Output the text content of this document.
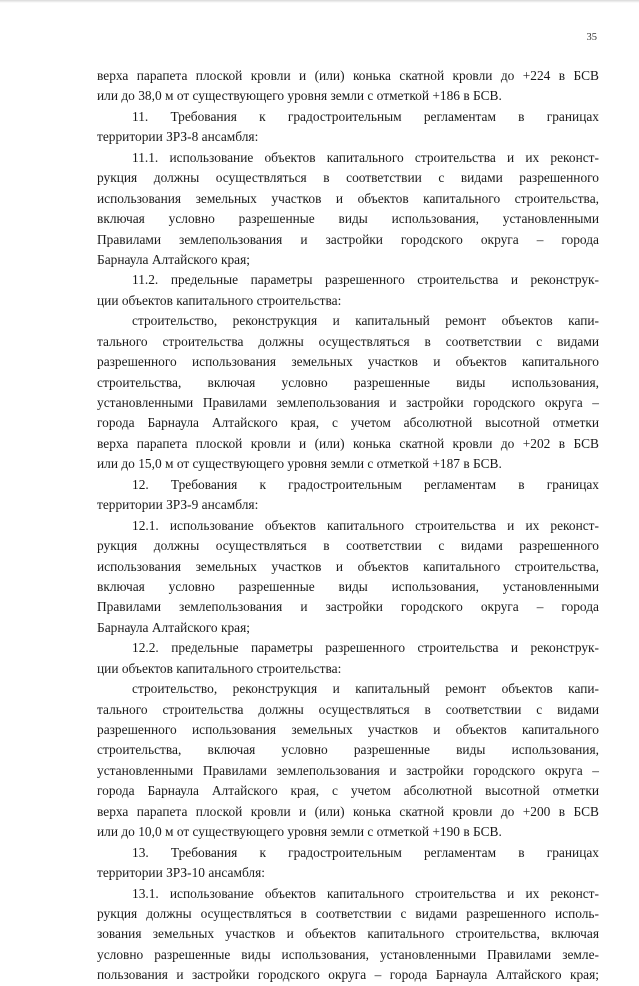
35
верха парапета плоской кровли и (или) конька скатной кровли до +224 в БСВ
или до 38,0 м от существующего уровня земли с отметкой +186 в БСВ.
11. Требования к градостроительным регламентам в границах
территории ЗРЗ-8 ансамбля:
11.1. использование объектов капитального строительства и их реконст-
рукция должны осуществляться в соответствии с видами разрешенного
использования земельных участков и объектов капитального строительства,
включая условно разрешенные виды использования, установленными
Правилами землепользования и застройки городского округа – города
Барнаула Алтайского края;
11.2. предельные параметры разрешенного строительства и реконструк-
ции объектов капитального строительства:
строительство, реконструкция и капитальный ремонт объектов капи-
тального строительства должны осуществляться в соответствии с видами
разрешенного использования земельных участков и объектов капитального
строительства, включая условно разрешенные виды использования,
установленными Правилами землепользования и застройки городского округа –
города Барнаула Алтайского края, с учетом абсолютной высотной отметки
верха парапета плоской кровли и (или) конька скатной кровли до +202 в БСВ
или до 15,0 м от существующего уровня земли с отметкой +187 в БСВ.
12. Требования к градостроительным регламентам в границах
территории ЗРЗ-9 ансамбля:
12.1. использование объектов капитального строительства и их реконст-
рукция должны осуществляться в соответствии с видами разрешенного
использования земельных участков и объектов капитального строительства,
включая условно разрешенные виды использования, установленными
Правилами землепользования и застройки городского округа – города
Барнаула Алтайского края;
12.2. предельные параметры разрешенного строительства и реконструк-
ции объектов капитального строительства:
строительство, реконструкция и капитальный ремонт объектов капи-
тального строительства должны осуществляться в соответствии с видами
разрешенного использования земельных участков и объектов капитального
строительства, включая условно разрешенные виды использования,
установленными Правилами землепользования и застройки городского округа –
города Барнаула Алтайского края, с учетом абсолютной высотной отметки
верха парапета плоской кровли и (или) конька скатной кровли до +200 в БСВ
или до 10,0 м от существующего уровня земли с отметкой +190 в БСВ.
13. Требования к градостроительным регламентам в границах
территории ЗРЗ-10 ансамбля:
13.1. использование объектов капитального строительства и их реконст-
рукция должны осуществляться в соответствии с видами разрешенного исполь-
зования земельных участков и объектов капитального строительства, включая
условно разрешенные виды использования, установленными Правилами земле-
пользования и застройки городского округа – города Барнаула Алтайского края;
